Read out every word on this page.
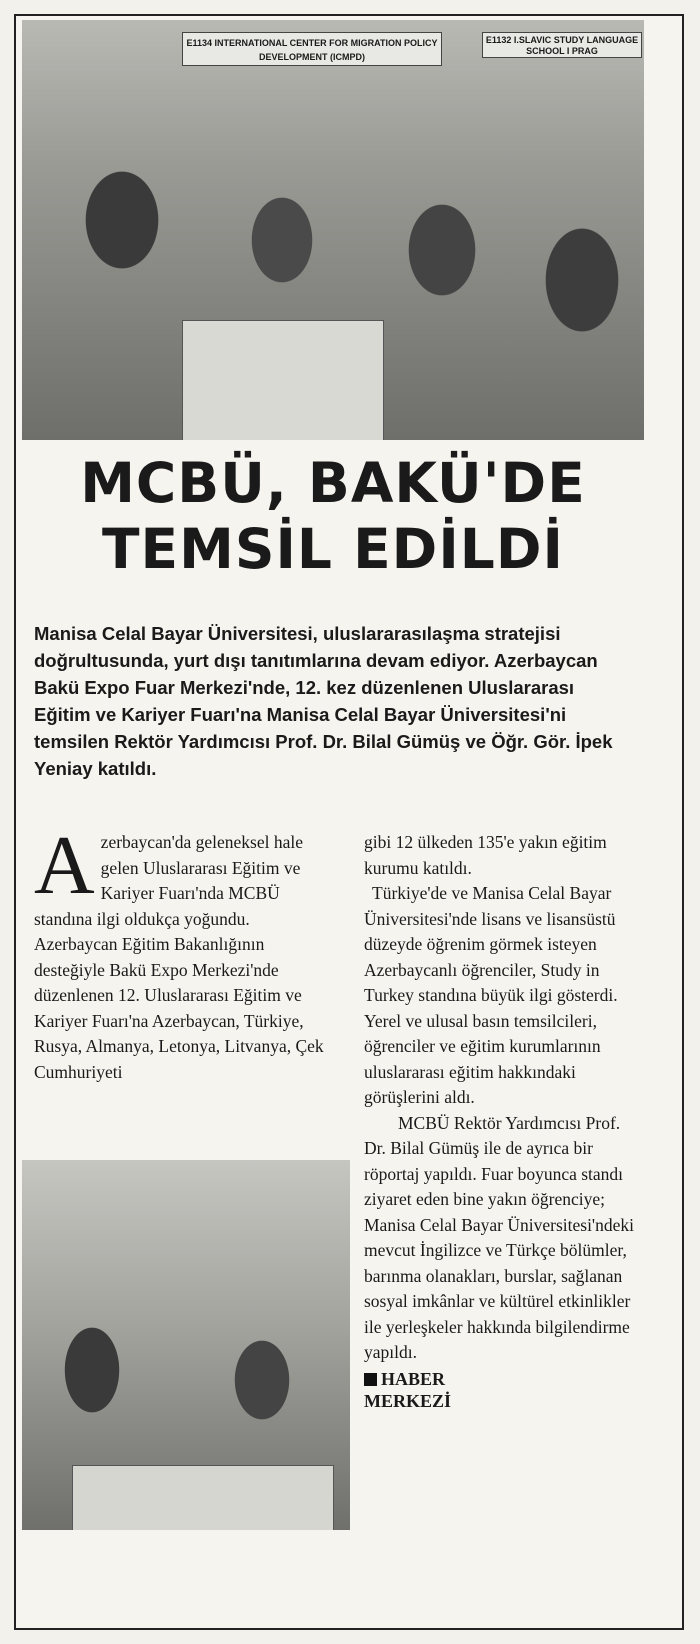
E1134 INTERNATIONAL CENTER FOR MIGRATION POLICY DEVELOPMENT (ICMPD)
E1132 I.SLAVIC STUDY LANGUAGE SCHOOL I PRAG
MCBÜ, BAKÜ'DE
TEMSİL EDİLDİ

Manisa Celal Bayar Üniversitesi, uluslararasılaşma stratejisi doğrultusunda, yurt dışı tanıtımlarına devam ediyor. Azerbaycan Bakü Expo Fuar Merkezi'nde, 12. kez düzenlenen Uluslararası Eğitim ve Kariyer Fuarı'na Manisa Celal Bayar Üniversitesi'ni temsilen Rektör Yardımcısı Prof. Dr. Bilal Gümüş ve Öğr. Gör. İpek Yeniay katıldı.

Azerbaycan'da geleneksel hale gelen Uluslararası Eğitim ve Kariyer Fuarı'nda MCBÜ standına ilgi oldukça yoğundu. Azerbaycan Eğitim Bakanlığının desteğiyle Bakü Expo Merkezi'nde düzenlenen 12. Uluslararası Eğitim ve Kariyer Fuarı'na Azerbaycan, Türkiye, Rusya, Almanya, Letonya, Litvanya, Çek Cumhuriyeti

gibi 12 ülkeden 135'e yakın eğitim kurumu katıldı.

Türkiye'de ve Manisa Celal Bayar Üniversitesi'nde lisans ve lisansüstü düzeyde öğrenim görmek isteyen Azerbaycanlı öğrenciler, Study in Turkey standına büyük ilgi gösterdi. Yerel ve ulusal basın temsilcileri, öğrenciler ve eğitim kurumlarının uluslararası eğitim hakkındaki görüşlerini aldı.

MCBÜ Rektör Yardımcısı Prof. Dr. Bilal Gümüş ile de ayrıca bir röportaj yapıldı. Fuar boyunca standı ziyaret eden bine yakın öğrenciye; Manisa Celal Bayar Üniversitesi'ndeki mevcut İngilizce ve Türkçe bölümler, barınma olanakları, burslar, sağlanan sosyal imkânlar ve kültürel etkinlikler ile yerleşkeler hakkında bilgilendirme yapıldı.

HABER
MERKEZİ
